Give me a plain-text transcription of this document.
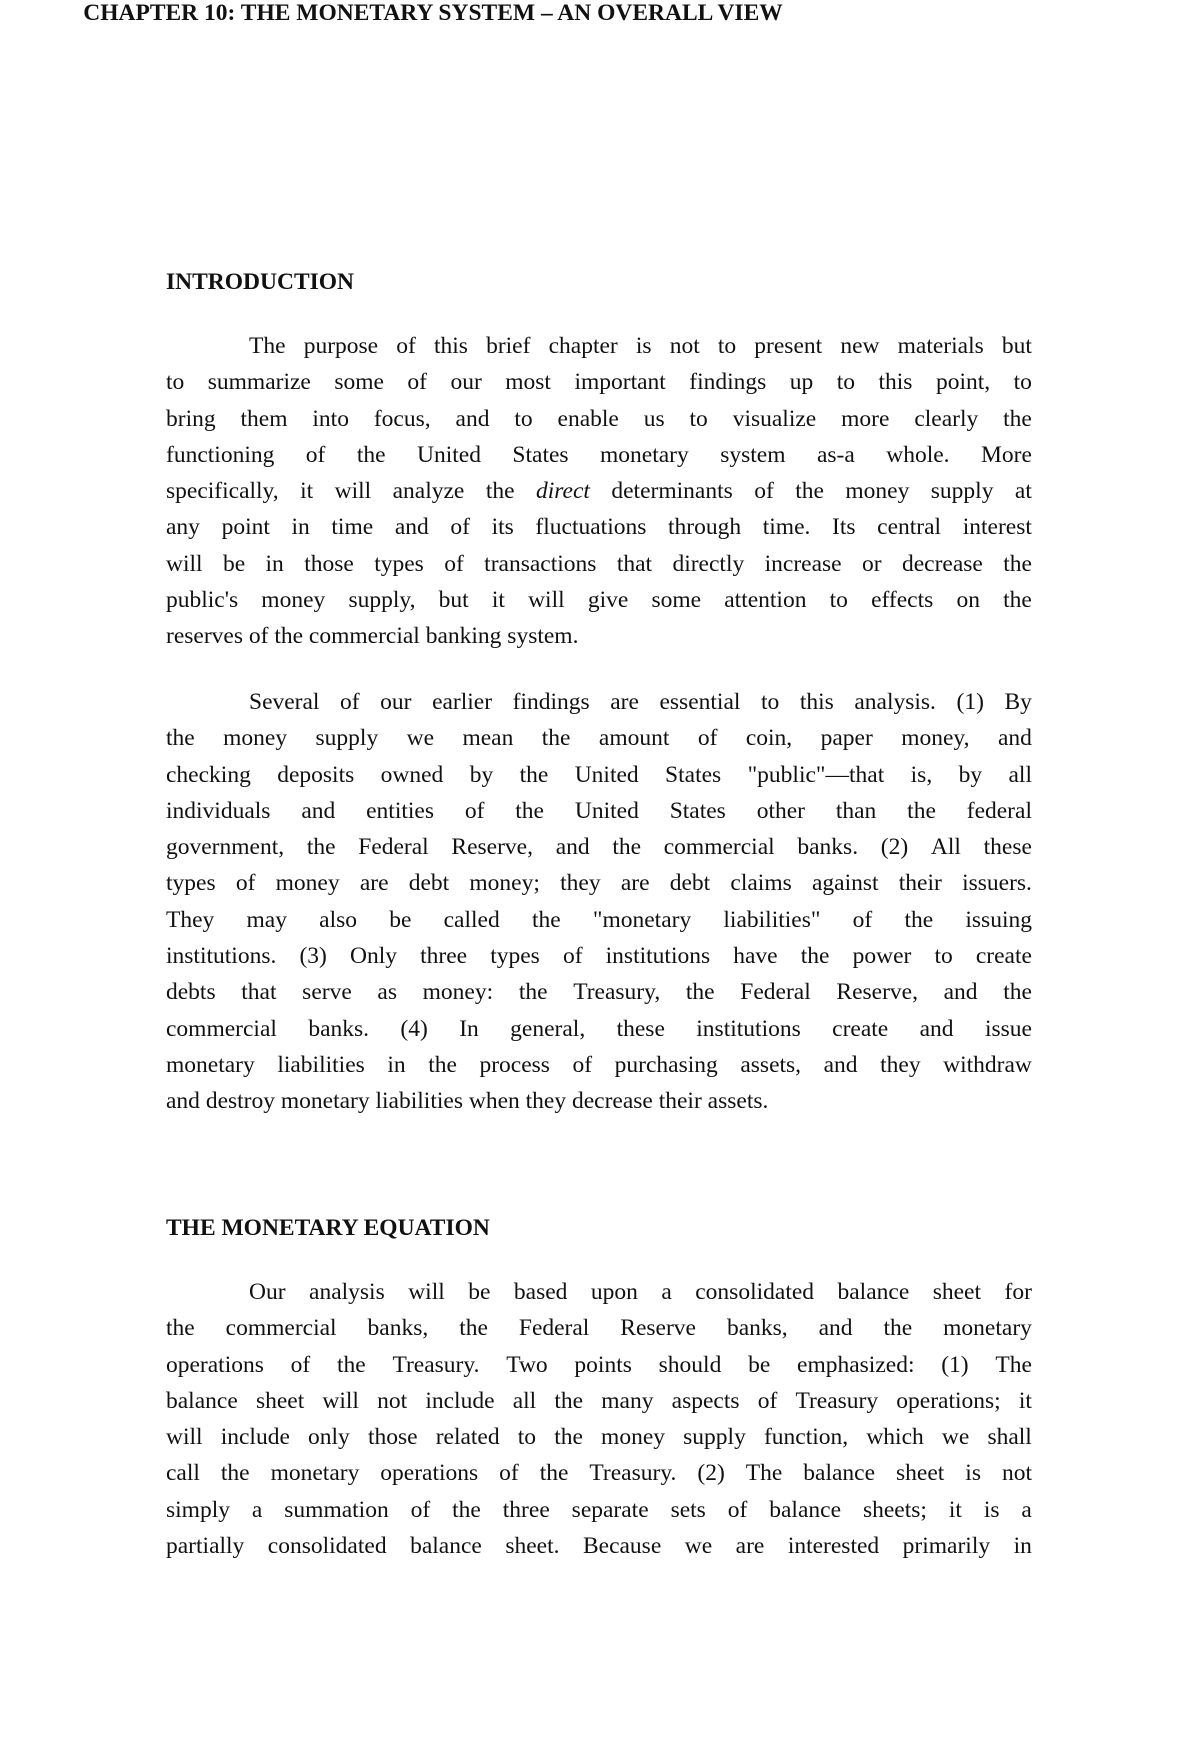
CHAPTER 10: THE MONETARY SYSTEM – AN OVERALL VIEW
INTRODUCTION
The purpose of this brief chapter is not to present new materials but
to summarize some of our most important findings up to this point, to
bring them into focus, and to enable us to visualize more clearly the
functioning of the United States monetary system as-a whole. More
specifically, it will analyze the direct determinants of the money supply at
any point in time and of its fluctuations through time. Its central interest
will be in those types of transactions that directly increase or decrease the
public's money supply, but it will give some attention to effects on the
reserves of the commercial banking system.
Several of our earlier findings are essential to this analysis. (1) By
the money supply we mean the amount of coin, paper money, and
checking deposits owned by the United States "public"—that is, by all
individuals and entities of the United States other than the federal
government, the Federal Reserve, and the commercial banks. (2) All these
types of money are debt money; they are debt claims against their issuers.
They may also be called the "monetary liabilities" of the issuing
institutions. (3) Only three types of institutions have the power to create
debts that serve as money: the Treasury, the Federal Reserve, and the
commercial banks. (4) In general, these institutions create and issue
monetary liabilities in the process of purchasing assets, and they withdraw
and destroy monetary liabilities when they decrease their assets.
THE MONETARY EQUATION
Our analysis will be based upon a consolidated balance sheet for
the commercial banks, the Federal Reserve banks, and the monetary
operations of the Treasury. Two points should be emphasized: (1) The
balance sheet will not include all the many aspects of Treasury operations; it
will include only those related to the money supply function, which we shall
call the monetary operations of the Treasury. (2) The balance sheet is not
simply a summation of the three separate sets of balance sheets; it is a
partially consolidated balance sheet. Because we are interested primarily in
